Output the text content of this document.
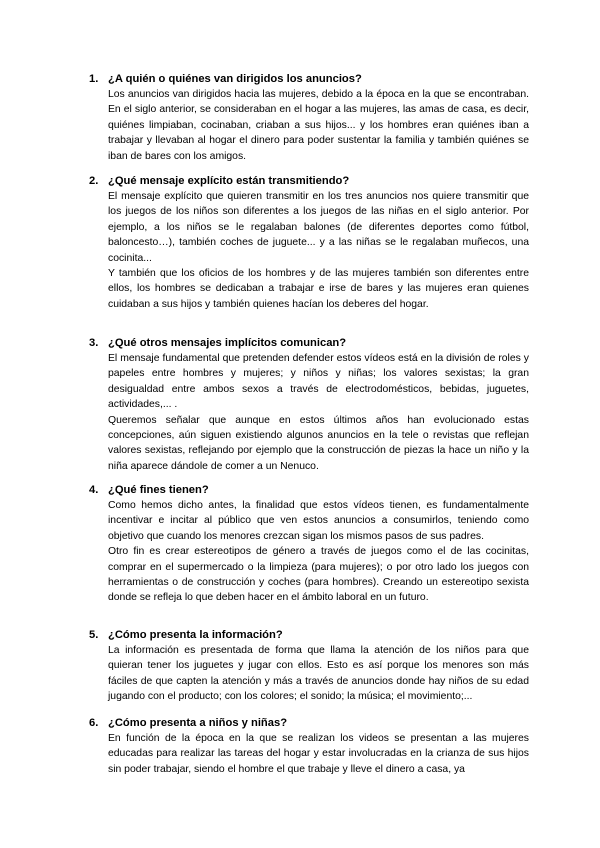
1. ¿A quién o quiénes van dirigidos los anuncios?

Los anuncios van dirigidos hacia las mujeres, debido a la época en la que se encontraban. En el siglo anterior, se consideraban en el hogar a las mujeres, las amas de casa, es decir, quiénes limpiaban, cocinaban, criaban a sus hijos... y los hombres eran quiénes iban a trabajar y llevaban al hogar el dinero para poder sustentar la familia y también quiénes se iban de bares con los amigos.

2. ¿Qué mensaje explícito están transmitiendo?

El mensaje explícito que quieren transmitir en los tres anuncios nos quiere transmitir que los juegos de los niños son diferentes a los juegos de las niñas en el siglo anterior. Por ejemplo, a los niños se le regalaban balones (de diferentes deportes como fútbol, baloncesto…), también coches de juguete... y a las niñas se le regalaban muñecos, una cocinita...

Y también que los oficios de los hombres y de las mujeres también son diferentes entre ellos, los hombres se dedicaban a trabajar e irse de bares y las mujeres eran quienes cuidaban a sus hijos y también quienes hacían los deberes del hogar.

3. ¿Qué otros mensajes implícitos comunican?

El mensaje fundamental que pretenden defender estos vídeos está en la división de roles y papeles entre hombres y mujeres; y niños y niñas; los valores sexistas; la gran desigualdad entre ambos sexos a través de electrodomésticos, bebidas, juguetes, actividades,... .

Queremos señalar que aunque en estos últimos años han evolucionado estas concepciones, aún siguen existiendo algunos anuncios en la tele o revistas que reflejan valores sexistas, reflejando por ejemplo que la construcción de piezas la hace un niño y la niña aparece dándole de comer a un Nenuco.

4. ¿Qué fines tienen?

Como hemos dicho antes, la finalidad que estos vídeos tienen, es fundamentalmente incentivar e incitar al público que ven estos anuncios a consumirlos, teniendo como objetivo que cuando los menores crezcan sigan los mismos pasos de sus padres.

Otro fin es crear estereotipos de género a través de juegos como el de las cocinitas, comprar en el supermercado o la limpieza (para mujeres); o por otro lado los juegos con herramientas o de construcción y coches (para hombres). Creando un estereotipo sexista donde se refleja lo que deben hacer en el ámbito laboral en un futuro.

5. ¿Cómo presenta la información?

La información es presentada de forma que llama la atención de los niños para que quieran tener los juguetes y jugar con ellos. Esto es así porque los menores son más fáciles de que capten la atención y más a través de anuncios donde hay niños de su edad jugando con el producto; con los colores; el sonido; la música; el movimiento;...

6. ¿Cómo presenta a niños y niñas?

En función de la época en la que se realizan los videos se presentan a las mujeres educadas para realizar las tareas del hogar y estar involucradas en la crianza de sus hijos sin poder trabajar, siendo el hombre el que trabaje y lleve el dinero a casa, ya
